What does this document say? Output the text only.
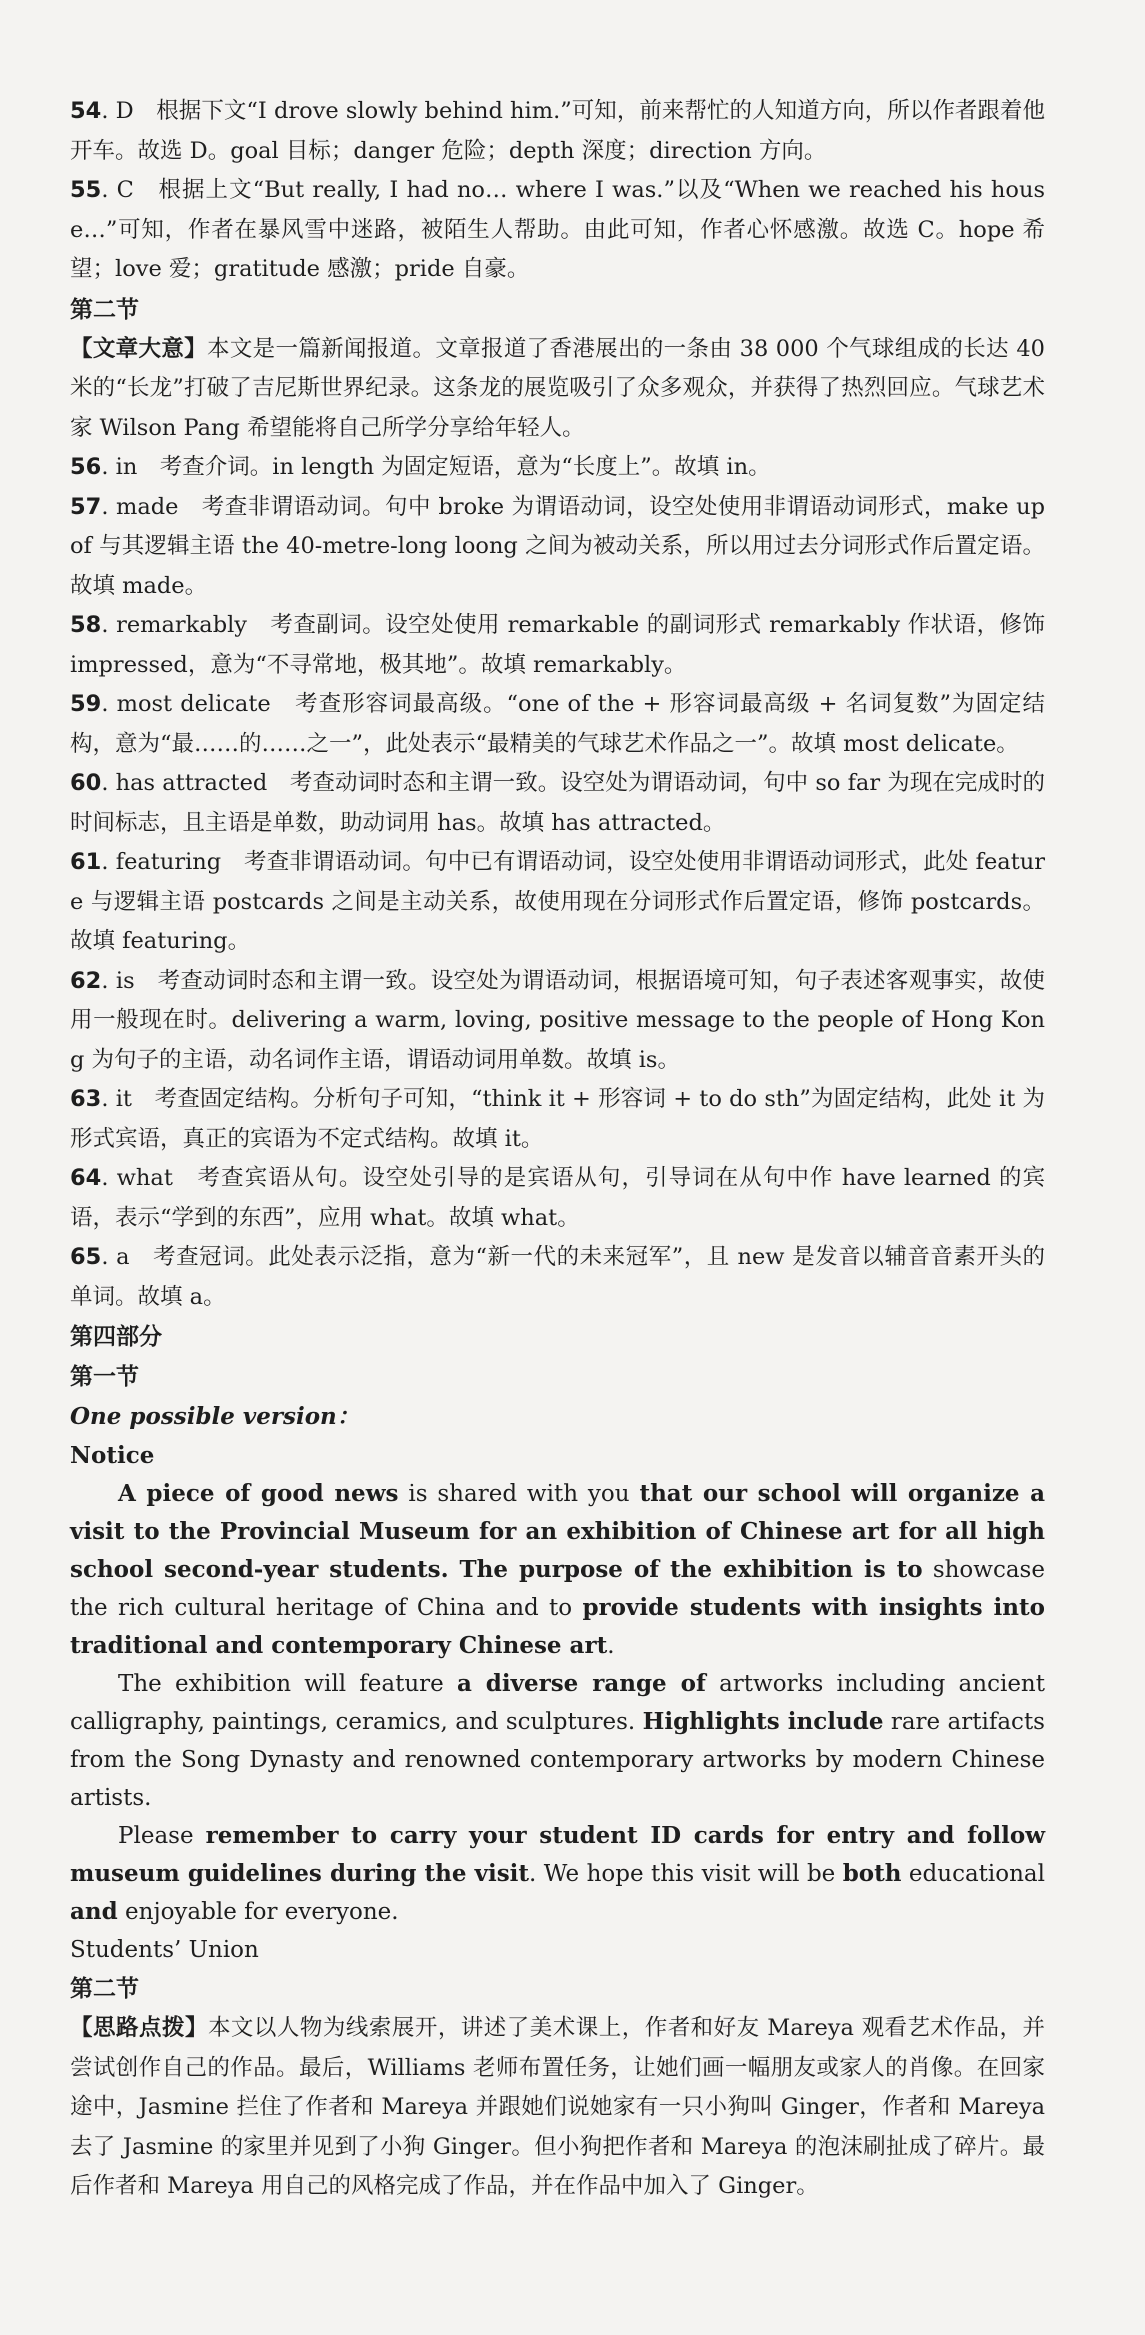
54. D　根据下文“I drove slowly behind him.”可知，前来帮忙的人知道方向，所以作者跟着他开车。故选 D。goal 目标；danger 危险；depth 深度；direction 方向。

55. C　根据上文“But really, I had no… where I was.”以及“When we reached his house…”可知，作者在暴风雪中迷路，被陌生人帮助。由此可知，作者心怀感激。故选 C。hope 希望；love 爱；gratitude 感激；pride 自豪。

第二节

【文章大意】本文是一篇新闻报道。文章报道了香港展出的一条由 38 000 个气球组成的长达 40 米的“长龙”打破了吉尼斯世界纪录。这条龙的展览吸引了众多观众，并获得了热烈回应。气球艺术家 Wilson Pang 希望能将自己所学分享给年轻人。

56. in　考查介词。in length 为固定短语，意为“长度上”。故填 in。

57. made　考查非谓语动词。句中 broke 为谓语动词，设空处使用非谓语动词形式，make up of 与其逻辑主语 the 40-metre-long loong 之间为被动关系，所以用过去分词形式作后置定语。故填 made。

58. remarkably　考查副词。设空处使用 remarkable 的副词形式 remarkably 作状语，修饰 impressed，意为“不寻常地，极其地”。故填 remarkably。

59. most delicate　考查形容词最高级。“one of the + 形容词最高级 + 名词复数”为固定结构，意为“最……的……之一”，此处表示“最精美的气球艺术作品之一”。故填 most delicate。

60. has attracted　考查动词时态和主谓一致。设空处为谓语动词，句中 so far 为现在完成时的时间标志，且主语是单数，助动词用 has。故填 has attracted。

61. featuring　考查非谓语动词。句中已有谓语动词，设空处使用非谓语动词形式，此处 feature 与逻辑主语 postcards 之间是主动关系，故使用现在分词形式作后置定语，修饰 postcards。故填 featuring。

62. is　考查动词时态和主谓一致。设空处为谓语动词，根据语境可知，句子表述客观事实，故使用一般现在时。delivering a warm, loving, positive message to the people of Hong Kong 为句子的主语，动名词作主语，谓语动词用单数。故填 is。

63. it　考查固定结构。分析句子可知，“think it + 形容词 + to do sth”为固定结构，此处 it 为形式宾语，真正的宾语为不定式结构。故填 it。

64. what　考查宾语从句。设空处引导的是宾语从句，引导词在从句中作 have learned 的宾语，表示“学到的东西”，应用 what。故填 what。

65. a　考查冠词。此处表示泛指，意为“新一代的未来冠军”，且 new 是发音以辅音音素开头的单词。故填 a。

第四部分

第一节

One possible version：

Notice

A piece of good news is shared with you that our school will organize a visit to the Provincial Museum for an exhibition of Chinese art for all high school second-year students. The purpose of the exhibition is to showcase the rich cultural heritage of China and to provide students with insights into traditional and contemporary Chinese art.

The exhibition will feature a diverse range of artworks including ancient calligraphy, paintings, ceramics, and sculptures. Highlights include rare artifacts from the Song Dynasty and renowned contemporary artworks by modern Chinese artists.

Please remember to carry your student ID cards for entry and follow museum guidelines during the visit. We hope this visit will be both educational and enjoyable for everyone.

Students’ Union

第二节

【思路点拨】本文以人物为线索展开，讲述了美术课上，作者和好友 Mareya 观看艺术作品，并尝试创作自己的作品。最后，Williams 老师布置任务，让她们画一幅朋友或家人的肖像。在回家途中，Jasmine 拦住了作者和 Mareya 并跟她们说她家有一只小狗叫 Ginger，作者和 Mareya 去了 Jasmine 的家里并见到了小狗 Ginger。但小狗把作者和 Mareya 的泡沫刷扯成了碎片。最后作者和 Mareya 用自己的风格完成了作品，并在作品中加入了 Ginger。
